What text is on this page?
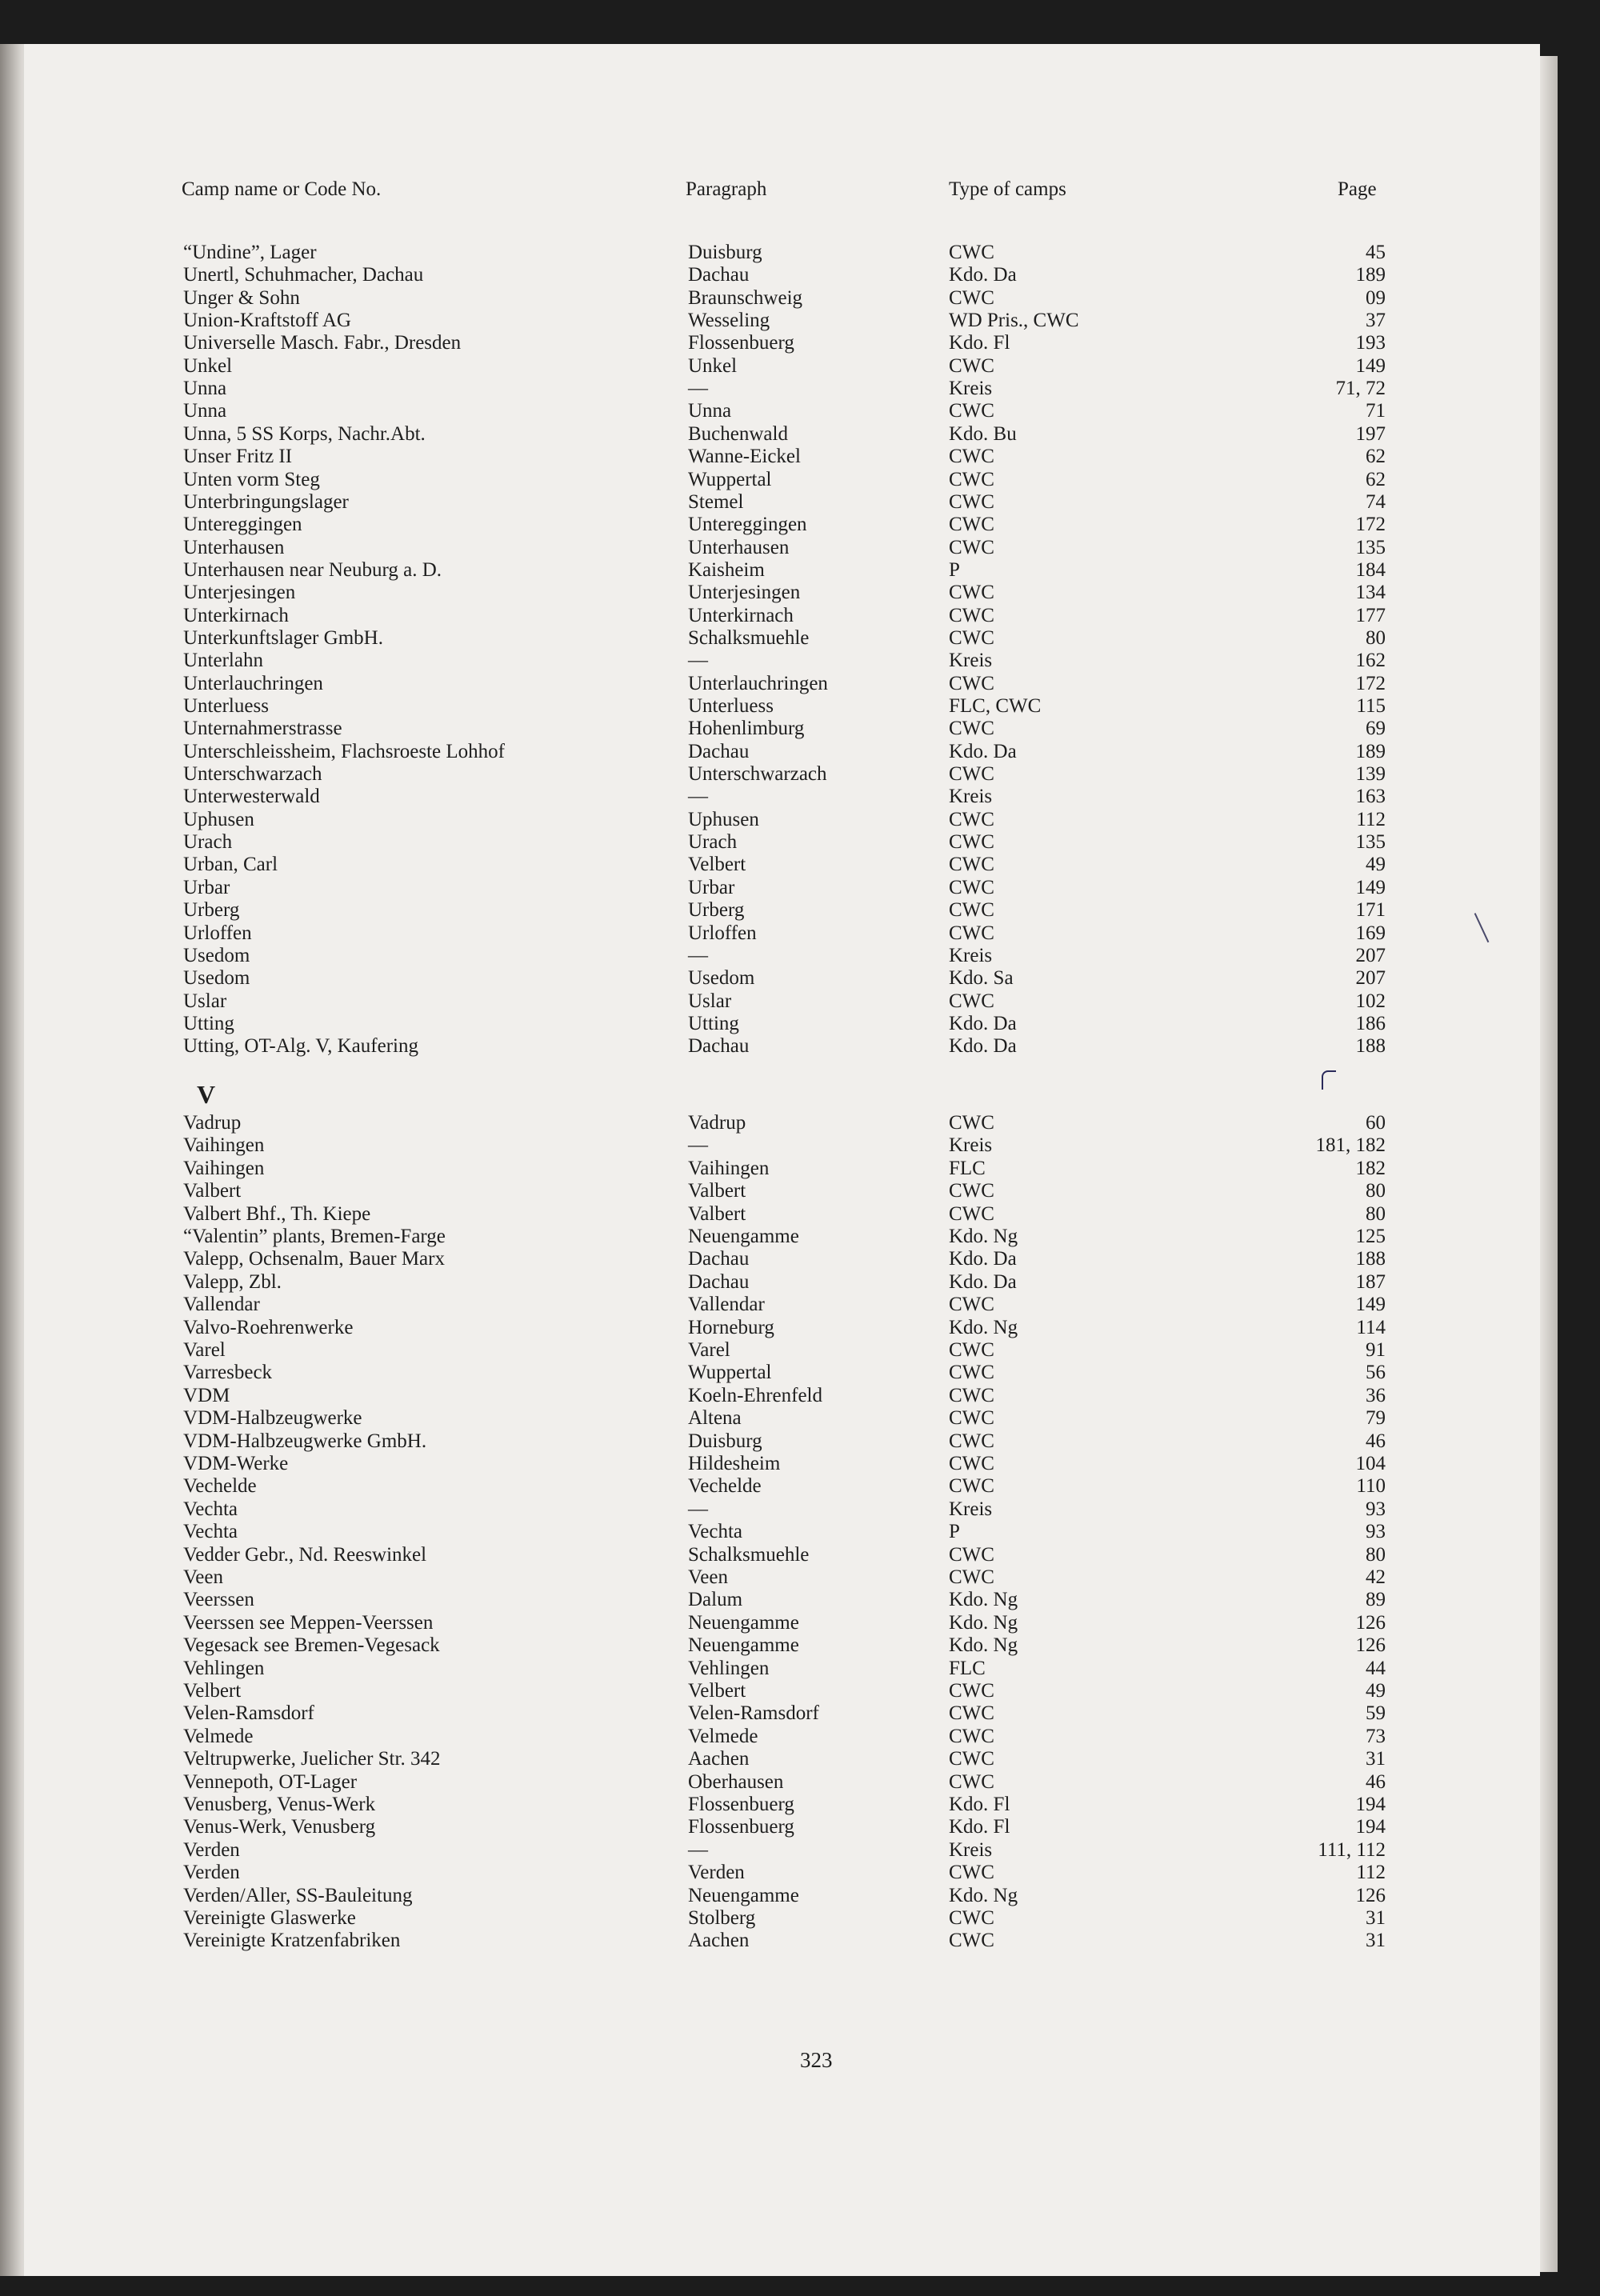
Camp name or Code No.	Paragraph	Type of camps	Page
“Undine”, Lager	Duisburg	CWC	45
Unertl, Schuhmacher, Dachau	Dachau	Kdo. Da	189
Unger & Sohn	Braunschweig	CWC	09
Union-Kraftstoff AG	Wesseling	WD Pris., CWC	37
Universelle Masch. Fabr., Dresden	Flossenbuerg	Kdo. Fl	193
Unkel	Unkel	CWC	149
Unna	—	Kreis	71, 72
Unna	Unna	CWC	71
Unna, 5 SS Korps, Nachr.Abt.	Buchenwald	Kdo. Bu	197
Unser Fritz II	Wanne-Eickel	CWC	62
Unten vorm Steg	Wuppertal	CWC	62
Unterbringungslager	Stemel	CWC	74
Untereggingen	Untereggingen	CWC	172
Unterhausen	Unterhausen	CWC	135
Unterhausen near Neuburg a. D.	Kaisheim	P	184
Unterjesingen	Unterjesingen	CWC	134
Unterkirnach	Unterkirnach	CWC	177
Unterkunftslager GmbH.	Schalksmuehle	CWC	80
Unterlahn	—	Kreis	162
Unterlauchringen	Unterlauchringen	CWC	172
Unterluess	Unterluess	FLC, CWC	115
Unternahmerstrasse	Hohenlimburg	CWC	69
Unterschleissheim, Flachsroeste Lohhof	Dachau	Kdo. Da	189
Unterschwarzach	Unterschwarzach	CWC	139
Unterwesterwald	—	Kreis	163
Uphusen	Uphusen	CWC	112
Urach	Urach	CWC	135
Urban, Carl	Velbert	CWC	49
Urbar	Urbar	CWC	149
Urberg	Urberg	CWC	171
Urloffen	Urloffen	CWC	169
Usedom	—	Kreis	207
Usedom	Usedom	Kdo. Sa	207
Uslar	Uslar	CWC	102
Utting	Utting	Kdo. Da	186
Utting, OT-Alg. V, Kaufering	Dachau	Kdo. Da	188
Vadrup	Vadrup	CWC	60
Vaihingen	—	Kreis	181, 182
Vaihingen	Vaihingen	FLC	182
Valbert	Valbert	CWC	80
Valbert Bhf., Th. Kiepe	Valbert	CWC	80
“Valentin” plants, Bremen-Farge	Neuengamme	Kdo. Ng	125
Valepp, Ochsenalm, Bauer Marx	Dachau	Kdo. Da	188
Valepp, Zbl.	Dachau	Kdo. Da	187
Vallendar	Vallendar	CWC	149
Valvo-Roehrenwerke	Horneburg	Kdo. Ng	114
Varel	Varel	CWC	91
Varresbeck	Wuppertal	CWC	56
VDM	Koeln-Ehrenfeld	CWC	36
VDM-Halbzeugwerke	Altena	CWC	79
VDM-Halbzeugwerke GmbH.	Duisburg	CWC	46
VDM-Werke	Hildesheim	CWC	104
Vechelde	Vechelde	CWC	110
Vechta	—	Kreis	93
Vechta	Vechta	P	93
Vedder Gebr., Nd. Reeswinkel	Schalksmuehle	CWC	80
Veen	Veen	CWC	42
Veerssen	Dalum	Kdo. Ng	89
Veerssen see Meppen-Veerssen	Neuengamme	Kdo. Ng	126
Vegesack see Bremen-Vegesack	Neuengamme	Kdo. Ng	126
Vehlingen	Vehlingen	FLC	44
Velbert	Velbert	CWC	49
Velen-Ramsdorf	Velen-Ramsdorf	CWC	59
Velmede	Velmede	CWC	73
Veltrupwerke, Juelicher Str. 342	Aachen	CWC	31
Vennepoth, OT-Lager	Oberhausen	CWC	46
Venusberg, Venus-Werk	Flossenbuerg	Kdo. Fl	194
Venus-Werk, Venusberg	Flossenbuerg	Kdo. Fl	194
Verden	—	Kreis	111, 112
Verden	Verden	CWC	112
Verden/Aller, SS-Bauleitung	Neuengamme	Kdo. Ng	126
Vereinigte Glaswerke	Stolberg	CWC	31
Vereinigte Kratzenfabriken	Aachen	CWC	31
V
323
